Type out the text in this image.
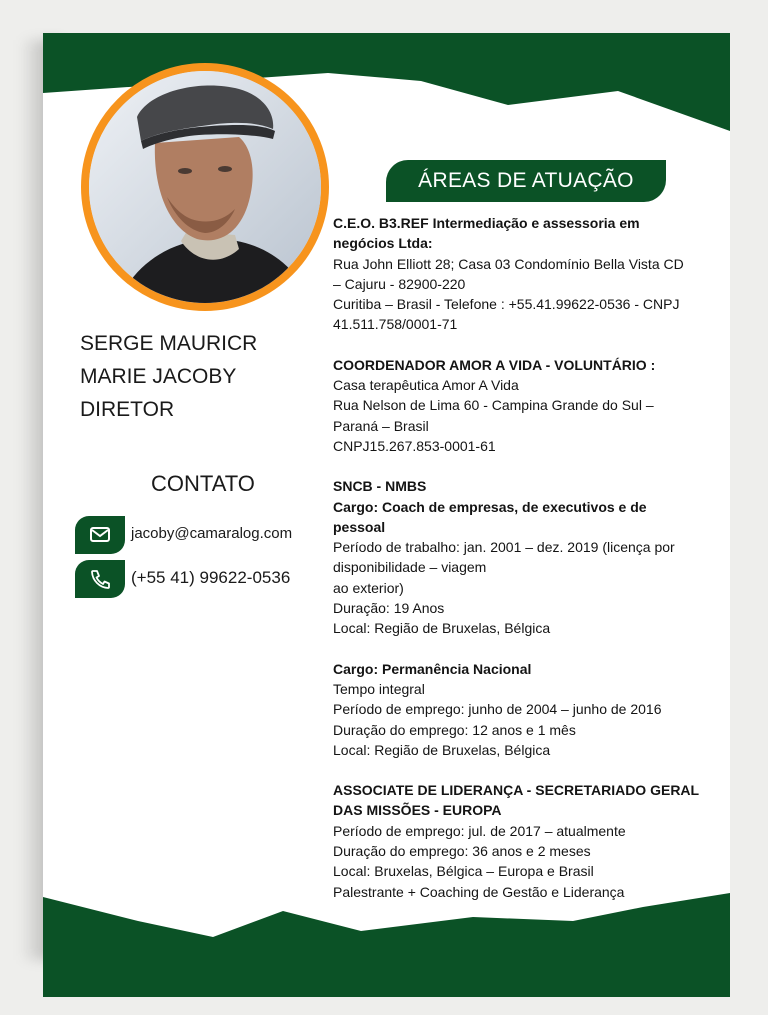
SERGE MAURICR
MARIE JACOBY
DIRETOR
CONTATO
jacoby@camaralog.com
(+55 41) 99622-0536
ÁREAS DE ATUAÇÃO

C.E.O. B3.REF Intermediação e assessoria em

negócios Ltda:

Rua John Elliott 28; Casa 03 Condomínio Bella Vista CD

– Cajuru - 82900-220

Curitiba – Brasil - Telefone : +55.41.99622-0536 - CNPJ

41.511.758/0001-71

COORDENADOR AMOR A VIDA - VOLUNTÁRIO :

Casa terapêutica Amor A Vida

Rua Nelson de Lima 60 - Campina Grande do Sul –

Paraná – Brasil

CNPJ15.267.853-0001-61

SNCB - NMBS

Cargo: Coach de empresas, de executivos e de

pessoal

Período de trabalho: jan. 2001 – dez. 2019 (licença por

disponibilidade – viagem

ao exterior)

Duração: 19 Anos

Local: Região de Bruxelas, Bélgica

Cargo: Permanência Nacional

Tempo integral

Período de emprego: junho de 2004 – junho de 2016

Duração do emprego: 12 anos e 1 mês

Local: Região de Bruxelas, Bélgica

ASSOCIATE DE LIDERANÇA - SECRETARIADO GERAL

DAS MISSÕES - EUROPA

Período de emprego: jul. de 2017 – atualmente

Duração do emprego: 36 anos e 2 meses

Local: Bruxelas, Bélgica – Europa e Brasil

Palestrante + Coaching de Gestão e Liderança
